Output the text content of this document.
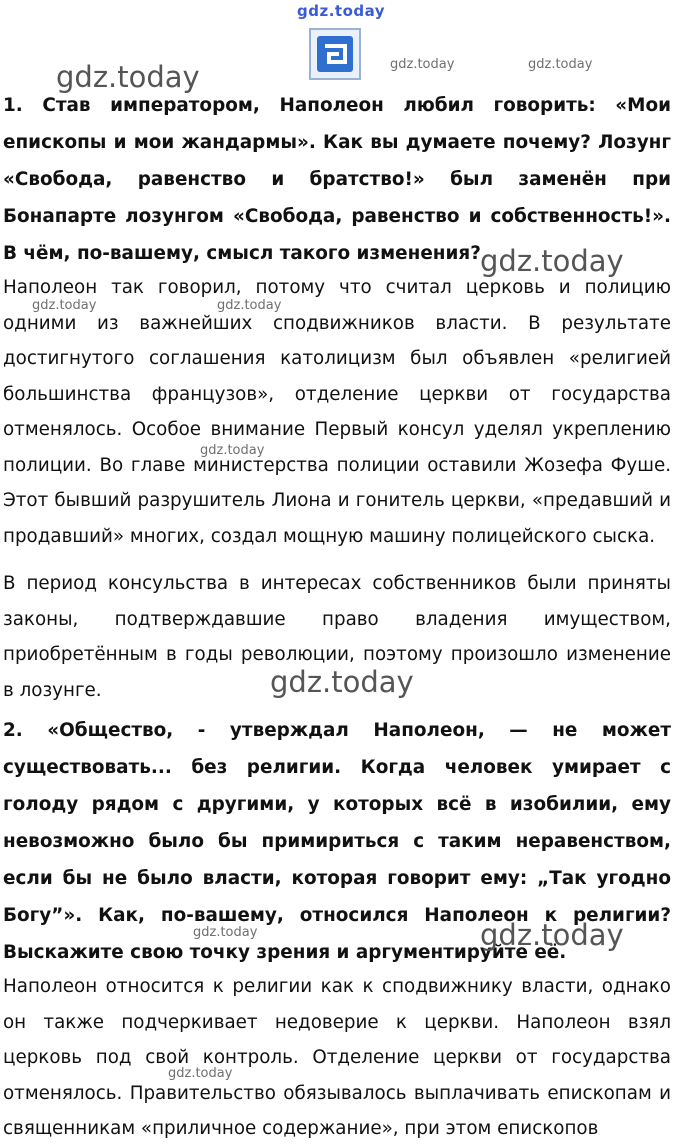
gdz.today
gdz.today	gdz.today	gdz.today

1. Став императором, Наполеон любил говорить: «Мои епископы и мои жандармы». Как вы думаете почему? Лозунг «Свобода, равенство и братство!» был заменён при Бонапарте лозунгом «Свобода, равенство и собственность!». В чём, по-вашему, смысл такого изменения?

Наполеон так говорил, потому что считал церковь и полицию одними из важнейших сподвижников власти. В результате достигнутого соглашения католицизм был объявлен «религией большинства французов», отделение церкви от государства отменялось. Особое внимание Первый консул уделял укреплению полиции. Во главе министерства полиции оставили Жозефа Фуше. Этот бывший разрушитель Лиона и гонитель церкви, «предавший и продавший» многих, создал мощную машину полицейского сыска.

В период консульства в интересах собственников были приняты законы, подтверждавшие право владения имуществом, приобретённым в годы революции, поэтому произошло изменение в лозунге.

gdz.today
gdz.today	gdz.today
gdz.today
gdz.today

2. «Общество, - утверждал Наполеон, — не может существовать... без религии. Когда человек умирает с голоду рядом с другими, у которых всё в изобилии, ему невозможно было бы примириться с таким неравенством, если бы не было власти, которая говорит ему: „Так угодно Богу”». Как, по-вашему, относился Наполеон к религии? Выскажите свою точку зрения и аргументируйте её.

gdz.today	gdz.today

Наполеон относится к религии как к сподвижнику власти, однако он также подчеркивает недоверие к церкви. Наполеон взял церковь под свой контроль. Отделение церкви от государства отменялось. Правительство обязывалось выплачивать епископам и священникам «приличное содержание», при этом епископов

gdz.today
